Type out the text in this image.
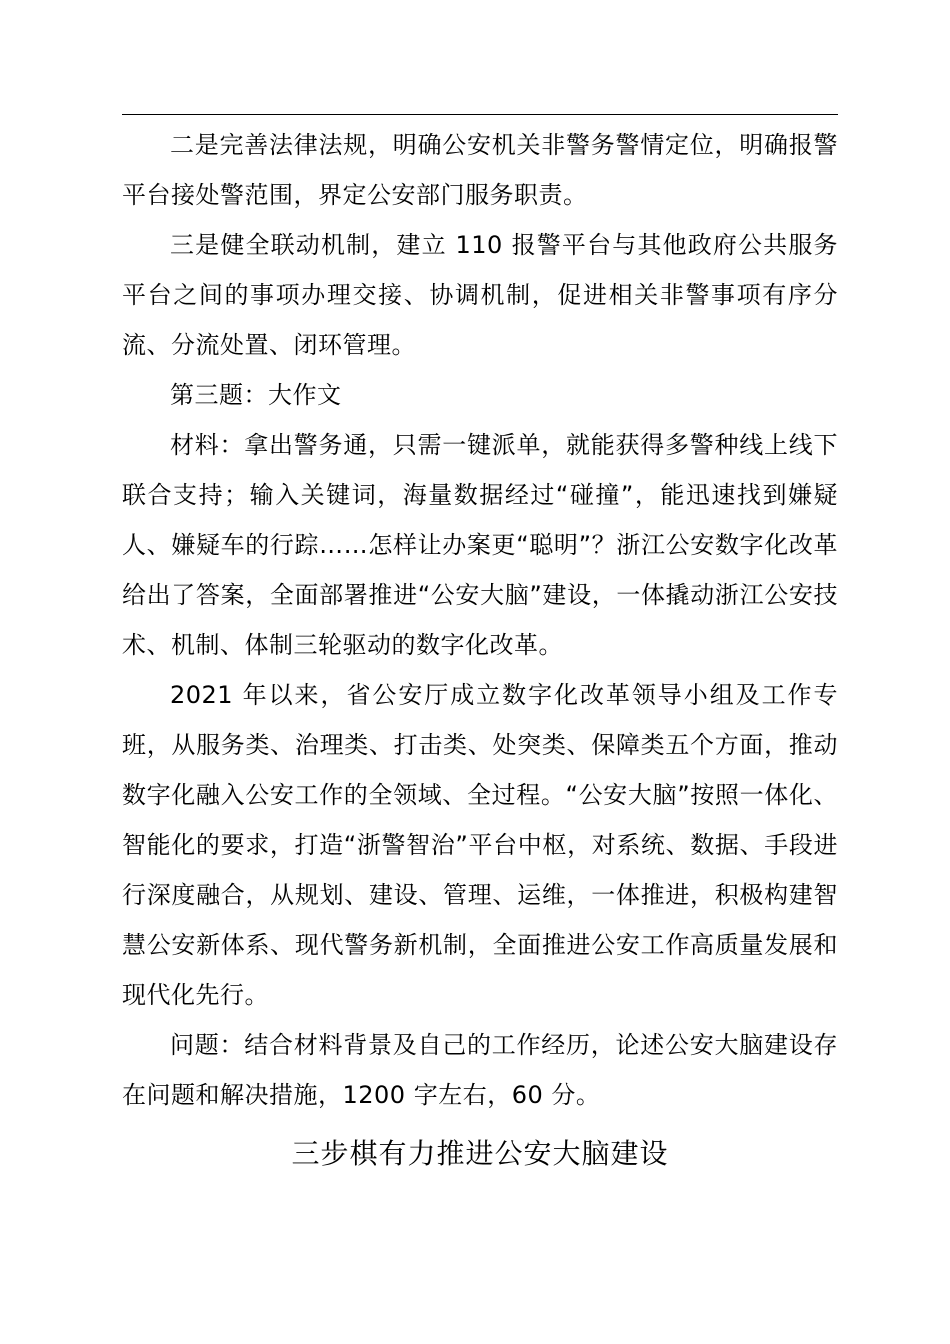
二是完善法律法规，明确公安机关非警务警情定位，明确报警平台接处警范围，界定公安部门服务职责。

三是健全联动机制，建立 110 报警平台与其他政府公共服务平台之间的事项办理交接、协调机制，促进相关非警事项有序分流、分流处置、闭环管理。

第三题：大作文

材料：拿出警务通，只需一键派单，就能获得多警种线上线下联合支持；输入关键词，海量数据经过“碰撞”，能迅速找到嫌疑人、嫌疑车的行踪……怎样让办案更“聪明”？浙江公安数字化改革给出了答案，全面部署推进“公安大脑”建设，一体撬动浙江公安技术、机制、体制三轮驱动的数字化改革。

2021 年以来，省公安厅成立数字化改革领导小组及工作专班，从服务类、治理类、打击类、处突类、保障类五个方面，推动数字化融入公安工作的全领域、全过程。“公安大脑”按照一体化、智能化的要求，打造“浙警智治”平台中枢，对系统、数据、手段进行深度融合，从规划、建设、管理、运维，一体推进，积极构建智慧公安新体系、现代警务新机制，全面推进公安工作高质量发展和现代化先行。

问题：结合材料背景及自己的工作经历，论述公安大脑建设存在问题和解决措施，1200 字左右，60 分。

三步棋有力推进公安大脑建设
